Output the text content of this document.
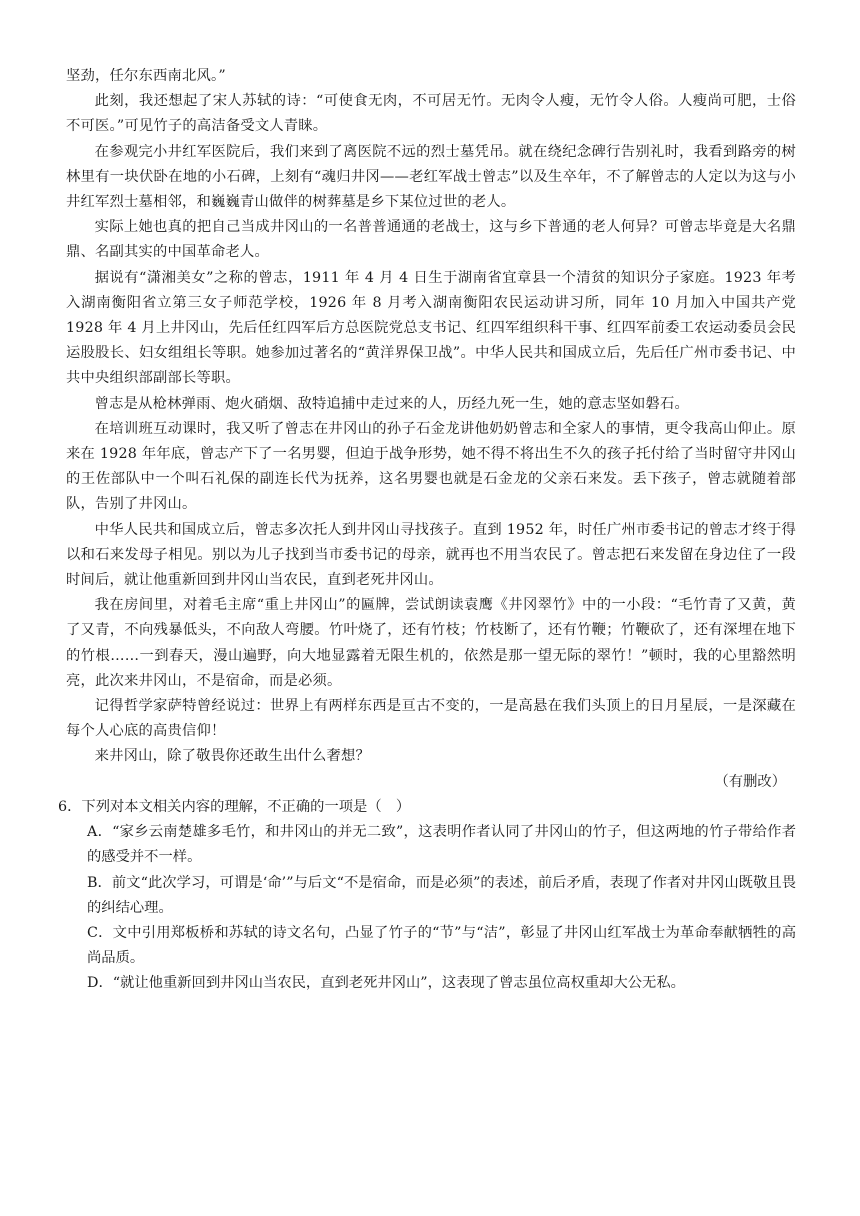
坚劲，任尔东西南北风。”

此刻，我还想起了宋人苏轼的诗：“可使食无肉，不可居无竹。无肉令人瘦，无竹令人俗。人瘦尚可肥，士俗不可医。”可见竹子的高洁备受文人青睐。

在参观完小井红军医院后，我们来到了离医院不远的烈士墓凭吊。就在绕纪念碑行告别礼时，我看到路旁的树林里有一块伏卧在地的小石碑，上刻有“魂归井冈——老红军战士曾志”以及生卒年，不了解曾志的人定以为这与小井红军烈士墓相邻，和巍巍青山做伴的树葬墓是乡下某位过世的老人。

实际上她也真的把自己当成井冈山的一名普普通通的老战士，这与乡下普通的老人何异？可曾志毕竟是大名鼎鼎、名副其实的中国革命老人。

据说有“潇湘美女”之称的曾志，1911 年 4 月 4 日生于湖南省宜章县一个清贫的知识分子家庭。1923 年考入湖南衡阳省立第三女子师范学校，1926 年 8 月考入湖南衡阳农民运动讲习所，同年 10 月加入中国共产党 1928 年 4 月上井冈山，先后任红四军后方总医院党总支书记、红四军组织科干事、红四军前委工农运动委员会民运股股长、妇女组组长等职。她参加过著名的“黄洋界保卫战”。中华人民共和国成立后，先后任广州市委书记、中共中央组织部副部长等职。

曾志是从枪林弹雨、炮火硝烟、敌特追捕中走过来的人，历经九死一生，她的意志坚如磐石。

在培训班互动课时，我又听了曾志在井冈山的孙子石金龙讲他奶奶曾志和全家人的事情，更令我高山仰止。原来在 1928 年年底，曾志产下了一名男婴，但迫于战争形势，她不得不将出生不久的孩子托付给了当时留守井冈山的王佐部队中一个叫石礼保的副连长代为抚养，这名男婴也就是石金龙的父亲石来发。丢下孩子，曾志就随着部队，告别了井冈山。

中华人民共和国成立后，曾志多次托人到井冈山寻找孩子。直到 1952 年，时任广州市委书记的曾志才终于得以和石来发母子相见。别以为儿子找到当市委书记的母亲，就再也不用当农民了。曾志把石来发留在身边住了一段时间后，就让他重新回到井冈山当农民，直到老死井冈山。

我在房间里，对着毛主席“重上井冈山”的匾牌，尝试朗读袁鹰《井冈翠竹》中的一小段：“毛竹青了又黄，黄了又青，不向残暴低头，不向敌人弯腰。竹叶烧了，还有竹枝；竹枝断了，还有竹鞭；竹鞭砍了，还有深埋在地下的竹根……一到春天，漫山遍野，向大地显露着无限生机的，依然是那一望无际的翠竹！”顿时，我的心里豁然明亮，此次来井冈山，不是宿命，而是必须。

记得哲学家萨特曾经说过：世界上有两样东西是亘古不变的，一是高悬在我们头顶上的日月星辰，一是深藏在每个人心底的高贵信仰！

来井冈山，除了敬畏你还敢生出什么奢想？

（有删改）

6．下列对本文相关内容的理解，不正确的一项是（　）

A．“家乡云南楚雄多毛竹，和井冈山的并无二致”，这表明作者认同了井冈山的竹子，但这两地的竹子带给作者的感受并不一样。

B．前文“此次学习，可谓是‘命’”与后文“不是宿命，而是必须”的表述，前后矛盾，表现了作者对井冈山既敬且畏的纠结心理。

C．文中引用郑板桥和苏轼的诗文名句，凸显了竹子的“节”与“洁”，彰显了井冈山红军战士为革命奉献牺牲的高尚品质。

D．“就让他重新回到井冈山当农民，直到老死井冈山”，这表现了曾志虽位高权重却大公无私。
